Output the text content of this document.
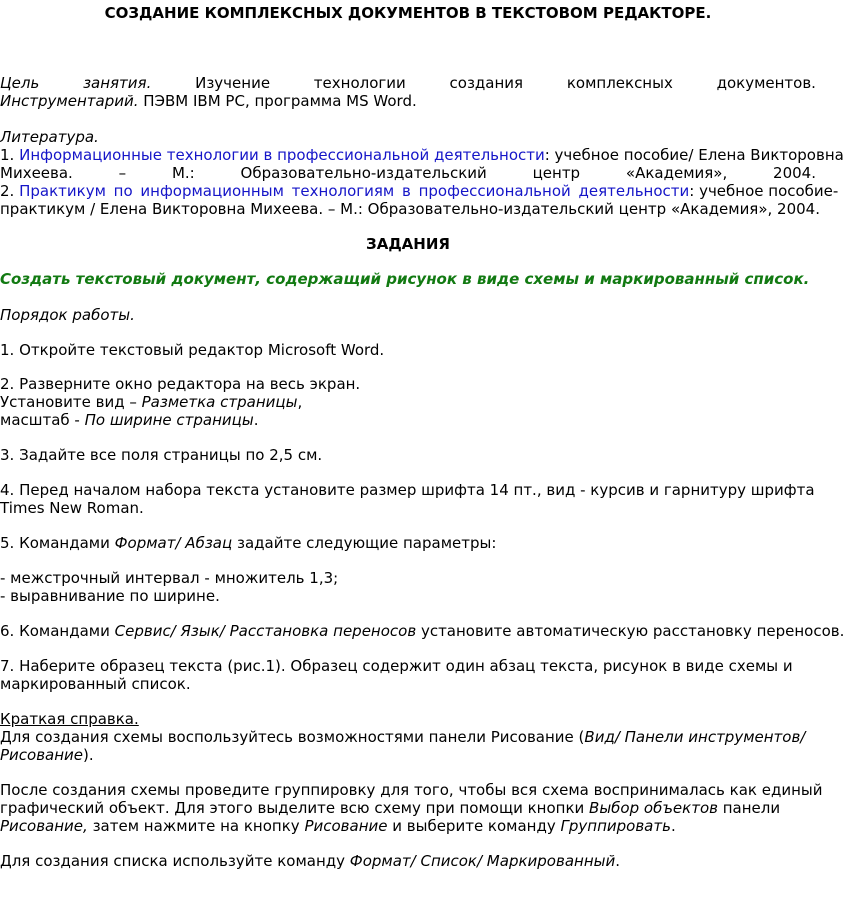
СОЗДАНИЕ КОМПЛЕКСНЫХ ДОКУМЕНТОВ В ТЕКСТОВОМ РЕДАКТОРЕ.
Цель	занятия.	Изучение	технологии	создания	комплексных	документов.
Инструментарий. ПЭВМ IBM PC, программа MS Word.
Литература.
1. Информационные технологии в профессиональной деятельности: учебное пособие/ Елена Викторовна
Михеева.	–	М.:	Образовательно-издательский	центр	«Академия»,	2004.
2. Практикум по информационным технологиям в профессиональной деятельности: учебное пособие-
практикум / Елена Викторовна Михеева. – М.: Образовательно-издательский центр «Академия», 2004.
ЗАДАНИЯ
Создать текстовый документ, содержащий рисунок в виде схемы и маркированный список.
Порядок работы.
1. Откройте текстовый редактор Microsoft Word.
2. Разверните окно редактора на весь экран.
Установите вид – Разметка страницы,
масштаб - По ширине страницы.
3. Задайте все поля страницы по 2,5 см.
4. Перед началом набора текста установите размер шрифта 14 пт., вид - курсив и гарнитуру шрифта
Times New Roman.
5. Командами Формат/ Абзац задайте следующие параметры:
- межстрочный интервал - множитель 1,3;
- выравнивание по ширине.
6. Командами Сервис/ Язык/ Расстановка переносов установите автоматическую расстановку переносов.
7. Наберите образец текста (рис.1). Образец содержит один абзац текста, рисунок в виде схемы и
маркированный список.
Краткая справка.
Для создания схемы воспользуйтесь возможностями панели Рисование (Вид/ Панели инструментов/
Рисование).
После создания схемы проведите группировку для того, чтобы вся схема воспринималась как единый
графический объект. Для этого выделите всю схему при помощи кнопки Выбор объектов панели
Рисование, затем нажмите на кнопку Рисование и выберите команду Группировать.
Для создания списка используйте команду Формат/ Список/ Маркированный.
